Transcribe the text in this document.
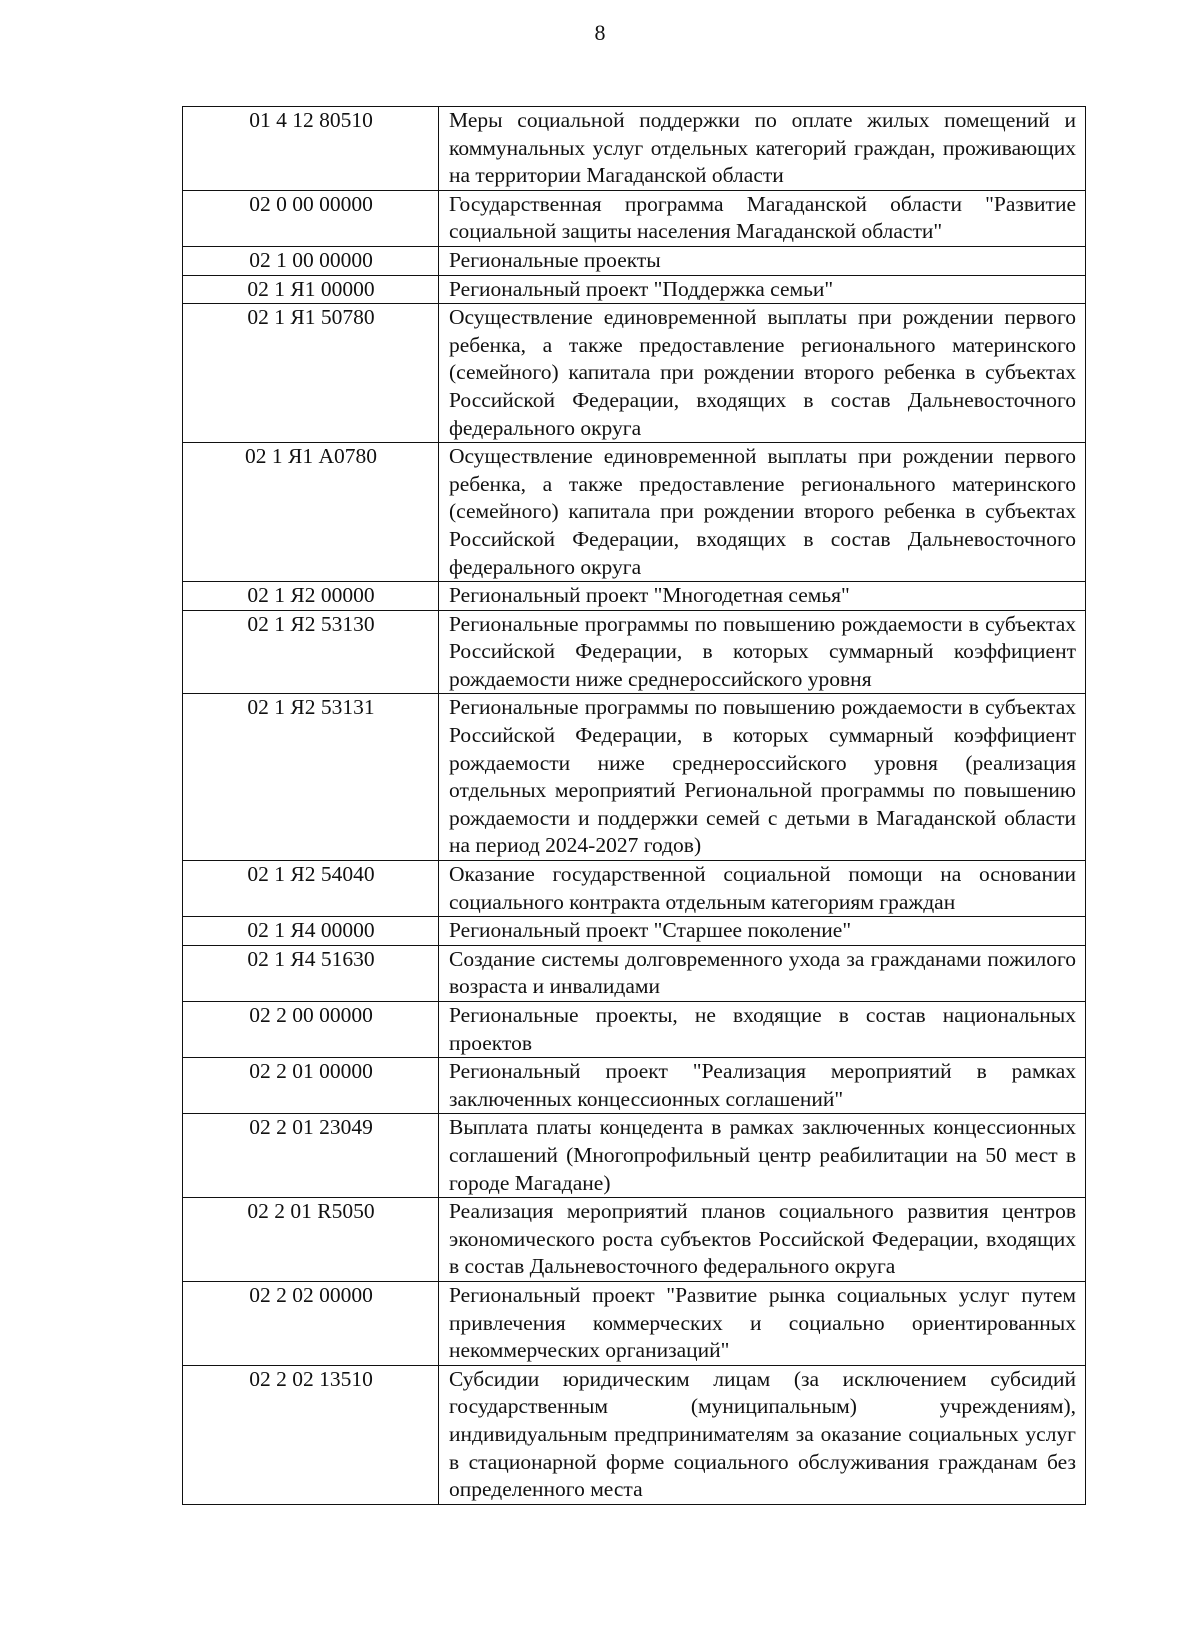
8
01 4 12 80510	Меры социальной поддержки по оплате жилых помещений и коммунальных услуг отдельных категорий граждан, проживающих на территории Магаданской области
02 0 00 00000	Государственная программа Магаданской области "Развитие социальной защиты населения Магаданской области"
02 1 00 00000	Региональные проекты
02 1 Я1 00000	Региональный проект "Поддержка семьи"
02 1 Я1 50780	Осуществление единовременной выплаты при рождении первого ребенка, а также предоставление регионального материнского (семейного) капитала при рождении второго ребенка в субъектах Российской Федерации, входящих в состав Дальневосточного федерального округа
02 1 Я1 А0780	Осуществление единовременной выплаты при рождении первого ребенка, а также предоставление регионального материнского (семейного) капитала при рождении второго ребенка в субъектах Российской Федерации, входящих в состав Дальневосточного федерального округа
02 1 Я2 00000	Региональный проект "Многодетная семья"
02 1 Я2 53130	Региональные программы по повышению рождаемости в субъектах Российской Федерации, в которых суммарный коэффициент рождаемости ниже среднероссийского уровня
02 1 Я2 53131	Региональные программы по повышению рождаемости в субъектах Российской Федерации, в которых суммарный коэффициент рождаемости ниже среднероссийского уровня (реализация отдельных мероприятий Региональной программы по повышению рождаемости и поддержки семей с детьми в Магаданской области на период 2024-2027 годов)
02 1 Я2 54040	Оказание государственной социальной помощи на основании социального контракта отдельным категориям граждан
02 1 Я4 00000	Региональный проект "Старшее поколение"
02 1 Я4 51630	Создание системы долговременного ухода за гражданами пожилого возраста и инвалидами
02 2 00 00000	Региональные проекты, не входящие в состав национальных проектов
02 2 01 00000	Региональный проект "Реализация мероприятий в рамках заключенных концессионных соглашений"
02 2 01 23049	Выплата платы концедента в рамках заключенных концессионных соглашений (Многопрофильный центр реабилитации на 50 мест в городе Магадане)
02 2 01 R5050	Реализация мероприятий планов социального развития центров экономического роста субъектов Российской Федерации, входящих в состав Дальневосточного федерального округа
02 2 02 00000	Региональный проект "Развитие рынка социальных услуг путем привлечения коммерческих и социально ориентированных некоммерческих организаций"
02 2 02 13510	Субсидии юридическим лицам (за исключением субсидий государственным (муниципальным) учреждениям), индивидуальным предпринимателям за оказание социальных услуг в стационарной форме социального обслуживания гражданам без определенного места
